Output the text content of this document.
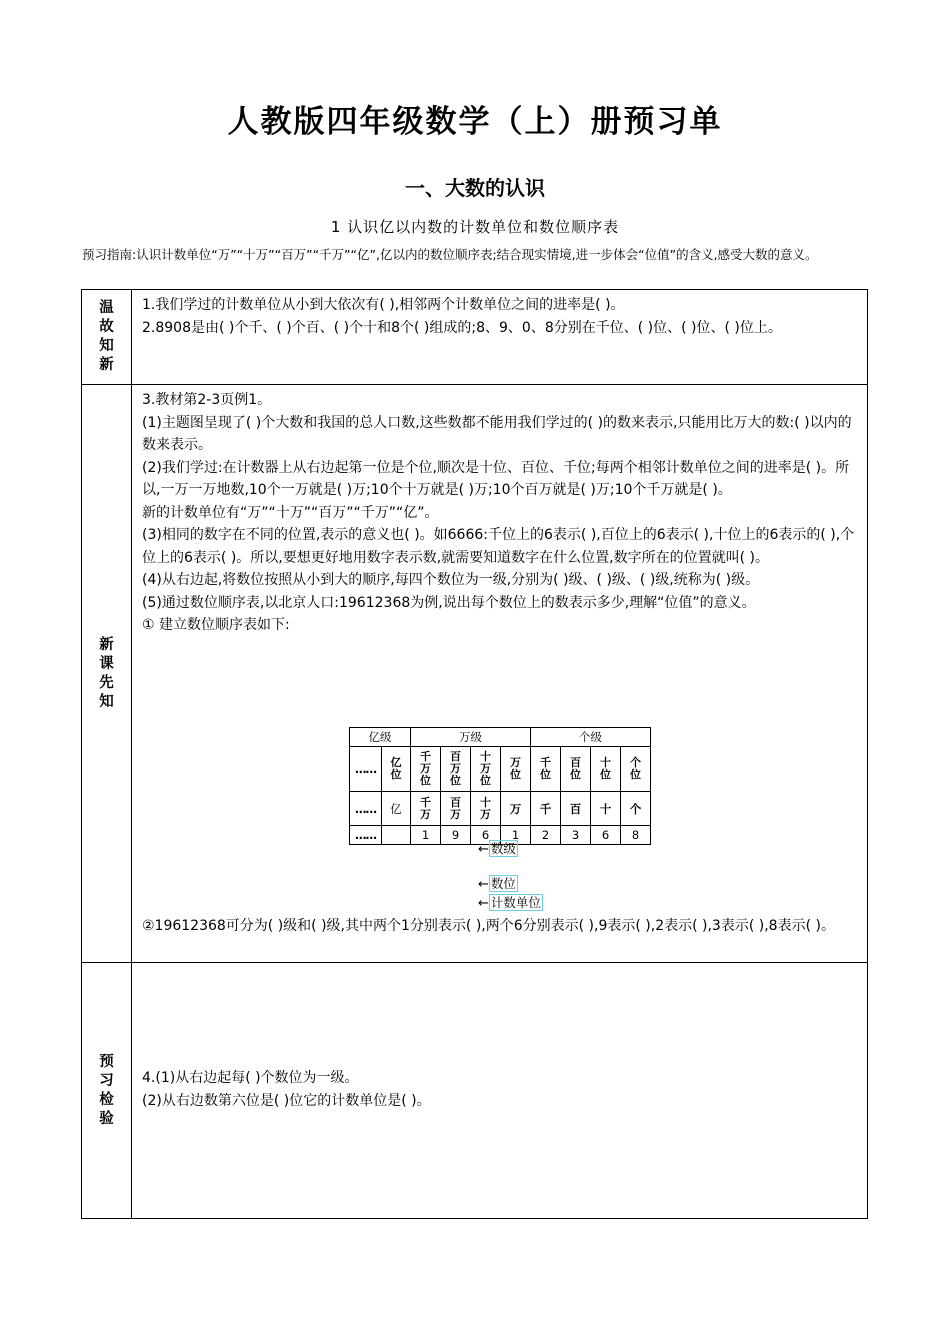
人教版四年级数学（上）册预习单
一、大数的认识
1 认识亿以内数的计数单位和数位顺序表
预习指南:认识计数单位“万”“十万”“百万”“千万”“亿”,亿以内的数位顺序表;结合现实情境,进一步体会“位值”的含义,感受大数的意义。
温故知新

1.我们学过的计数单位从小到大依次有( ),相邻两个计数单位之间的进率是( )。

2.8908是由( )个千、( )个百、( )个十和8个( )组成的;8、9、0、8分别在千位、( )位、( )位、( )位上。

新课先知

3.教材第2-3页例1。

(1)主题图呈现了( )个大数和我国的总人口数,这些数都不能用我们学过的( )的数来表示,只能用比万大的数:( )以内的数来表示。

(2)我们学过:在计数器上从右边起第一位是个位,顺次是十位、百位、千位;每两个相邻计数单位之间的进率是( )。所以,一万一万地数,10个一万就是( )万;10个十万就是( )万;10个百万就是( )万;10个千万就是( )。

新的计数单位有“万”“十万”“百万”“千万”“亿”。

(3)相同的数字在不同的位置,表示的意义也( )。如6666:千位上的6表示( ),百位上的6表示( ),十位上的6表示的( ),个位上的6表示( )。所以,要想更好地用数字表示数,就需要知道数字在什么位置,数字所在的位置就叫( )。

(4)从右边起,将数位按照从小到大的顺序,每四个数位为一级,分别为( )级、( )级、( )级,统称为( )级。

(5)通过数位顺序表,以北京人口:19612368为例,说出每个数位上的数表示多少,理解“位值”的意义。

① 建立数位顺序表如下:

亿级		万级				个级			
……	亿位	千万位	百万位	十万位	万位	千位	百位	十位	个位
……	亿	千万	百万	十万	万	千	百	十	个
……		1	9	6	1	2	3	6	8
← 数级
← 数位
← 计数单位

②19612368可分为( )级和( )级,其中两个1分别表示( ),两个6分别表示( ),9表示( ),2表示( ),3表示( ),8表示( )。

预习检验

4.(1)从右边起每( )个数位为一级。

(2)从右边数第六位是( )位它的计数单位是( )。
